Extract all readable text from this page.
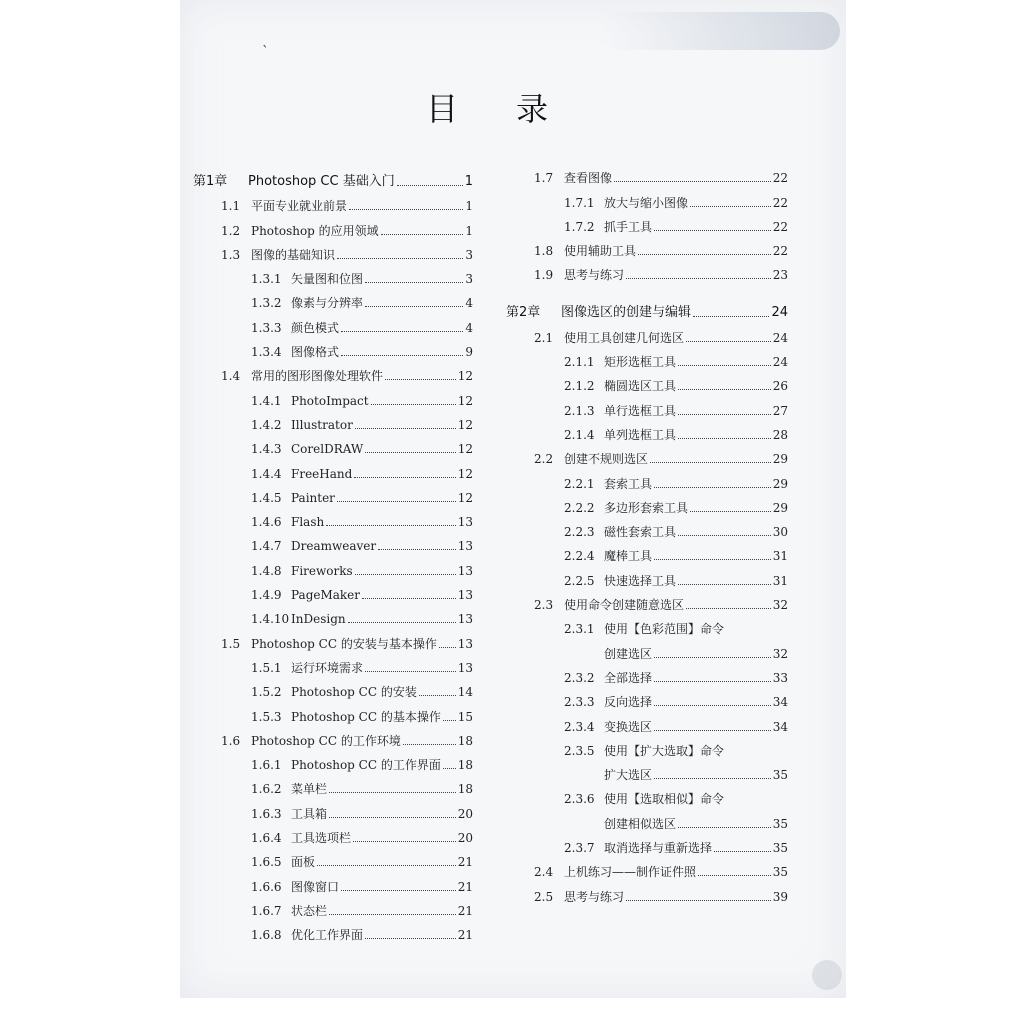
`
目录
第1章	Photoshop CC 基础入门	1
1.1 平面专业就业前景	1
1.2 Photoshop 的应用领域	1
1.3 图像的基础知识	3
1.3.1 矢量图和位图	3
1.3.2 像素与分辨率	4
1.3.3 颜色模式	4
1.3.4 图像格式	9
1.4 常用的图形图像处理软件	12
1.4.1 PhotoImpact	12
1.4.2 Illustrator	12
1.4.3 CorelDRAW	12
1.4.4 FreeHand	12
1.4.5 Painter	12
1.4.6 Flash	13
1.4.7 Dreamweaver	13
1.4.8 Fireworks	13
1.4.9 PageMaker	13
1.4.10 InDesign	13
1.5 Photoshop CC 的安装与基本操作 13
1.5.1 运行环境需求	13
1.5.2 Photoshop CC 的安装	14
1.5.3 Photoshop CC 的基本操作 15
1.6 Photoshop CC 的工作环境	18
1.6.1 Photoshop CC 的工作界面 18
1.6.2 菜单栏	18
1.6.3 工具箱	20
1.6.4 工具选项栏	20
1.6.5 面板	21
1.6.6 图像窗口	21
1.6.7 状态栏	21
1.6.8 优化工作界面	21
1.7 查看图像	22
1.7.1 放大与缩小图像	22
1.7.2 抓手工具	22
1.8 使用辅助工具	22
1.9 思考与练习	23
第2章	图像选区的创建与编辑	24
2.1 使用工具创建几何选区	24
2.1.1 矩形选框工具	24
2.1.2 椭圆选区工具	26
2.1.3 单行选框工具	27
2.1.4 单列选框工具	28
2.2 创建不规则选区	29
2.2.1 套索工具	29
2.2.2 多边形套索工具	29
2.2.3 磁性套索工具	30
2.2.4 魔棒工具	31
2.2.5 快速选择工具	31
2.3 使用命令创建随意选区	32
2.3.1 使用【色彩范围】命令
创建选区	32
2.3.2 全部选择	33
2.3.3 反向选择	34
2.3.4 变换选区	34
2.3.5 使用【扩大选取】命令
扩大选区	35
2.3.6 使用【选取相似】命令
创建相似选区	35
2.3.7 取消选择与重新选择	35
2.4 上机练习——制作证件照	35
2.5 思考与练习	39
